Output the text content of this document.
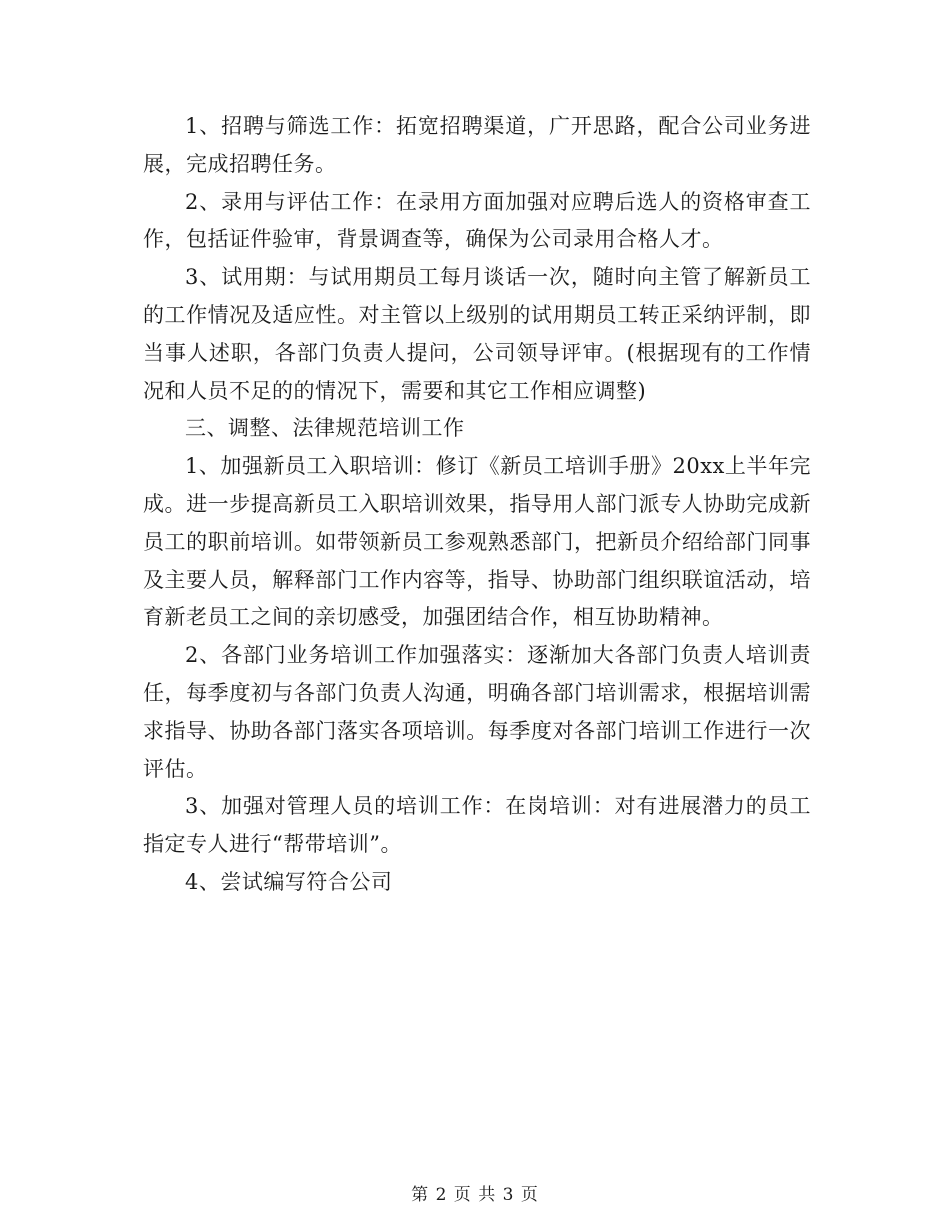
1、招聘与筛选工作：拓宽招聘渠道，广开思路，配合公司业务进展，完成招聘任务。

2、录用与评估工作：在录用方面加强对应聘后选人的资格审查工作，包括证件验审，背景调查等，确保为公司录用合格人才。

3、试用期：与试用期员工每月谈话一次，随时向主管了解新员工的工作情况及适应性。对主管以上级别的试用期员工转正采纳评制，即当事人述职，各部门负责人提问，公司领导评审。(根据现有的工作情况和人员不足的的情况下，需要和其它工作相应调整)

三、调整、法律规范培训工作

1、加强新员工入职培训：修订《新员工培训手册》20xx上半年完成。进一步提高新员工入职培训效果，指导用人部门派专人协助完成新员工的职前培训。如带领新员工参观熟悉部门，把新员介绍给部门同事及主要人员，解释部门工作内容等，指导、协助部门组织联谊活动，培育新老员工之间的亲切感受，加强团结合作，相互协助精神。

2、各部门业务培训工作加强落实：逐渐加大各部门负责人培训责任，每季度初与各部门负责人沟通，明确各部门培训需求，根据培训需求指导、协助各部门落实各项培训。每季度对各部门培训工作进行一次评估。

3、加强对管理人员的培训工作：在岗培训：对有进展潜力的员工指定专人进行“帮带培训”。

4、尝试编写符合公司

第 2 页 共 3 页
